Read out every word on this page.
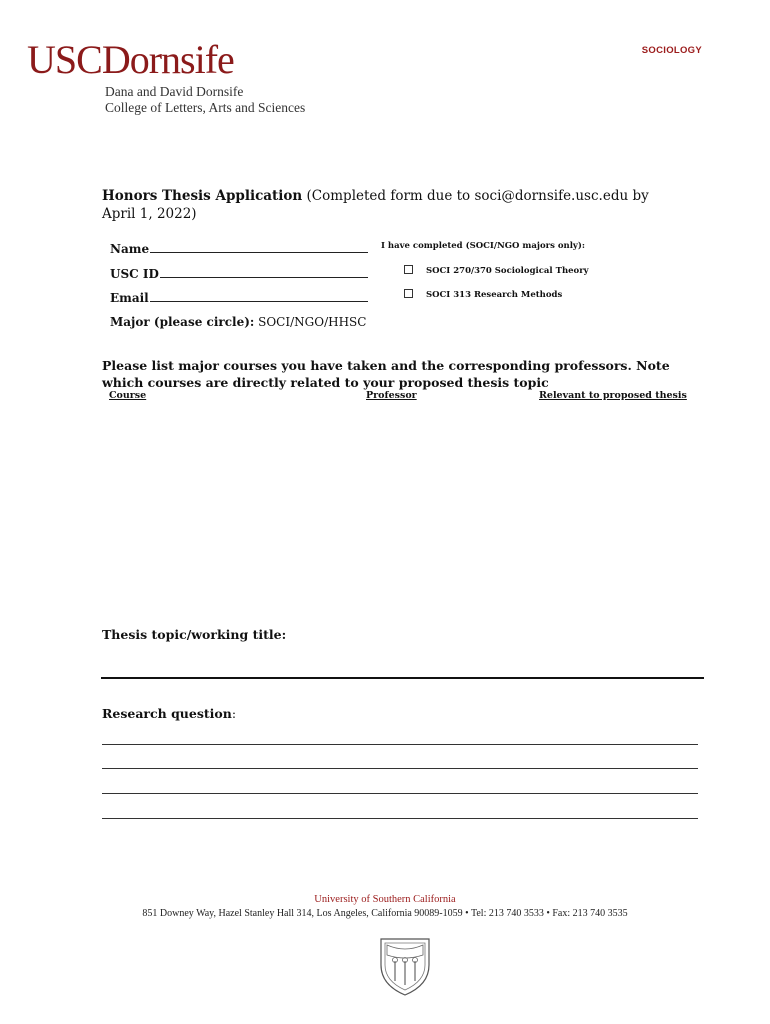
USCDornsife
Dana and David Dornsife
College of Letters, Arts and Sciences
SOCIOLOGY
Honors Thesis Application (Completed form due to soci@dornsife.usc.edu by April 1, 2022)
Name
USC ID
Email
I have completed (SOCI/NGO majors only):
SOCI 270/370 Sociological Theory
SOCI 313 Research Methods
Major (please circle): SOCI/NGO/HHSC
Please list major courses you have taken and the corresponding professors. Note which courses are directly related to your proposed thesis topic
Course	Professor	Relevant to proposed thesis
Thesis topic/working title:
Research question:
University of Southern California
851 Downey Way, Hazel Stanley Hall 314, Los Angeles, California 90089-1059 • Tel: 213 740 3533 • Fax: 213 740 3535
